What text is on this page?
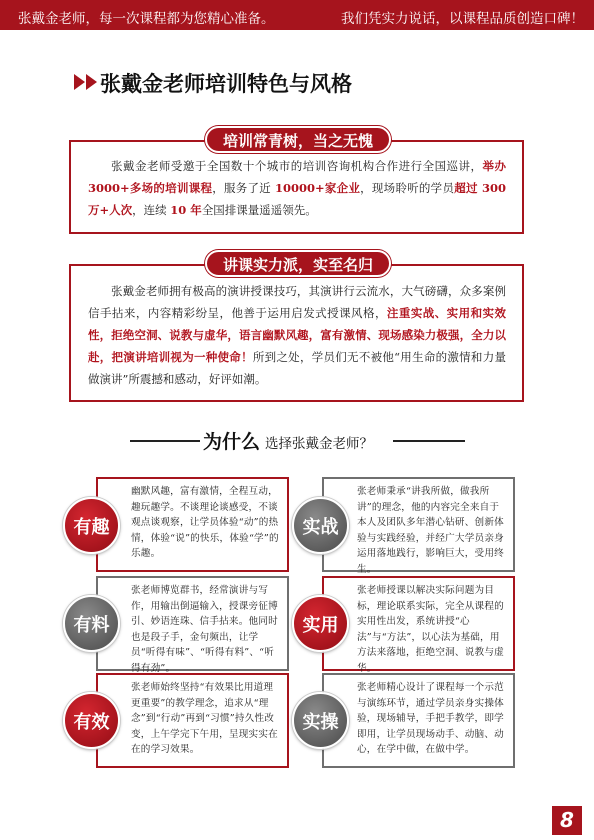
张戴金老师，每一次课程都为您精心准备。	我们凭实力说话，以课程品质创造口碑！
张戴金老师培训特色与风格

张戴金老师受邀于全国数十个城市的培训咨询机构合作进行全国巡讲，举办 3000+多场的培训课程，服务了近 10000+家企业，现场聆听的学员超过 300 万+人次，连续 10 年全国排课量遥遥领先。

培训常青树，当之无愧

张戴金老师拥有极高的演讲授课技巧，其演讲行云流水，大气磅礴，众多案例信手拈来，内容精彩纷呈，他善于运用启发式授课风格，注重实战、实用和实效性，拒绝空洞、说教与虚华，语言幽默风趣，富有激情、现场感染力极强，全力以赴，把演讲培训视为一种使命！所到之处，学员们无不被他“用生命的激情和力量做演讲”所震撼和感动，好评如潮。

讲课实力派，实至名归
为什么 选择张戴金老师？

幽默风趣，富有激情，全程互动，趣玩趣学。不谈理论谈感受，不谈观点谈观察，让学员体验“动”的热情，体验“说”的快乐，体验“学”的乐趣。

张老师秉承“讲我所做，做我所讲”的理念，他的内容完全来自于本人及团队多年潜心钻研、创新体验与实践经验，并经广大学员亲身运用落地践行，影响巨大，受用终生。

张老师博览群书，经常演讲与写作，用输出倒逼输入，授课旁征博引、妙语连珠、信手拈来。他同时也是段子手，金句频出，让学员“听得有味”、“听得有料”、“听得有劲”。

张老师授课以解决实际问题为目标，理论联系实际，完全从课程的实用性出发，系统讲授“心法”与“方法”，以心法为基础，用方法来落地，拒绝空洞、说教与虚华。

张老师始终坚持“有效果比用道理更重要”的教学理念，追求从“理念”到“行动”再到“习惯”持久性改变，上午学完下午用，呈现实实在在的学习效果。

张老师精心设计了课程每一个示范与演练环节，通过学员亲身实操体验，现场辅导，手把手教学，即学即用，让学员现场动手、动脑、动心，在学中做，在做中学。

有趣	实战
有料	实用
有效	实操
8
